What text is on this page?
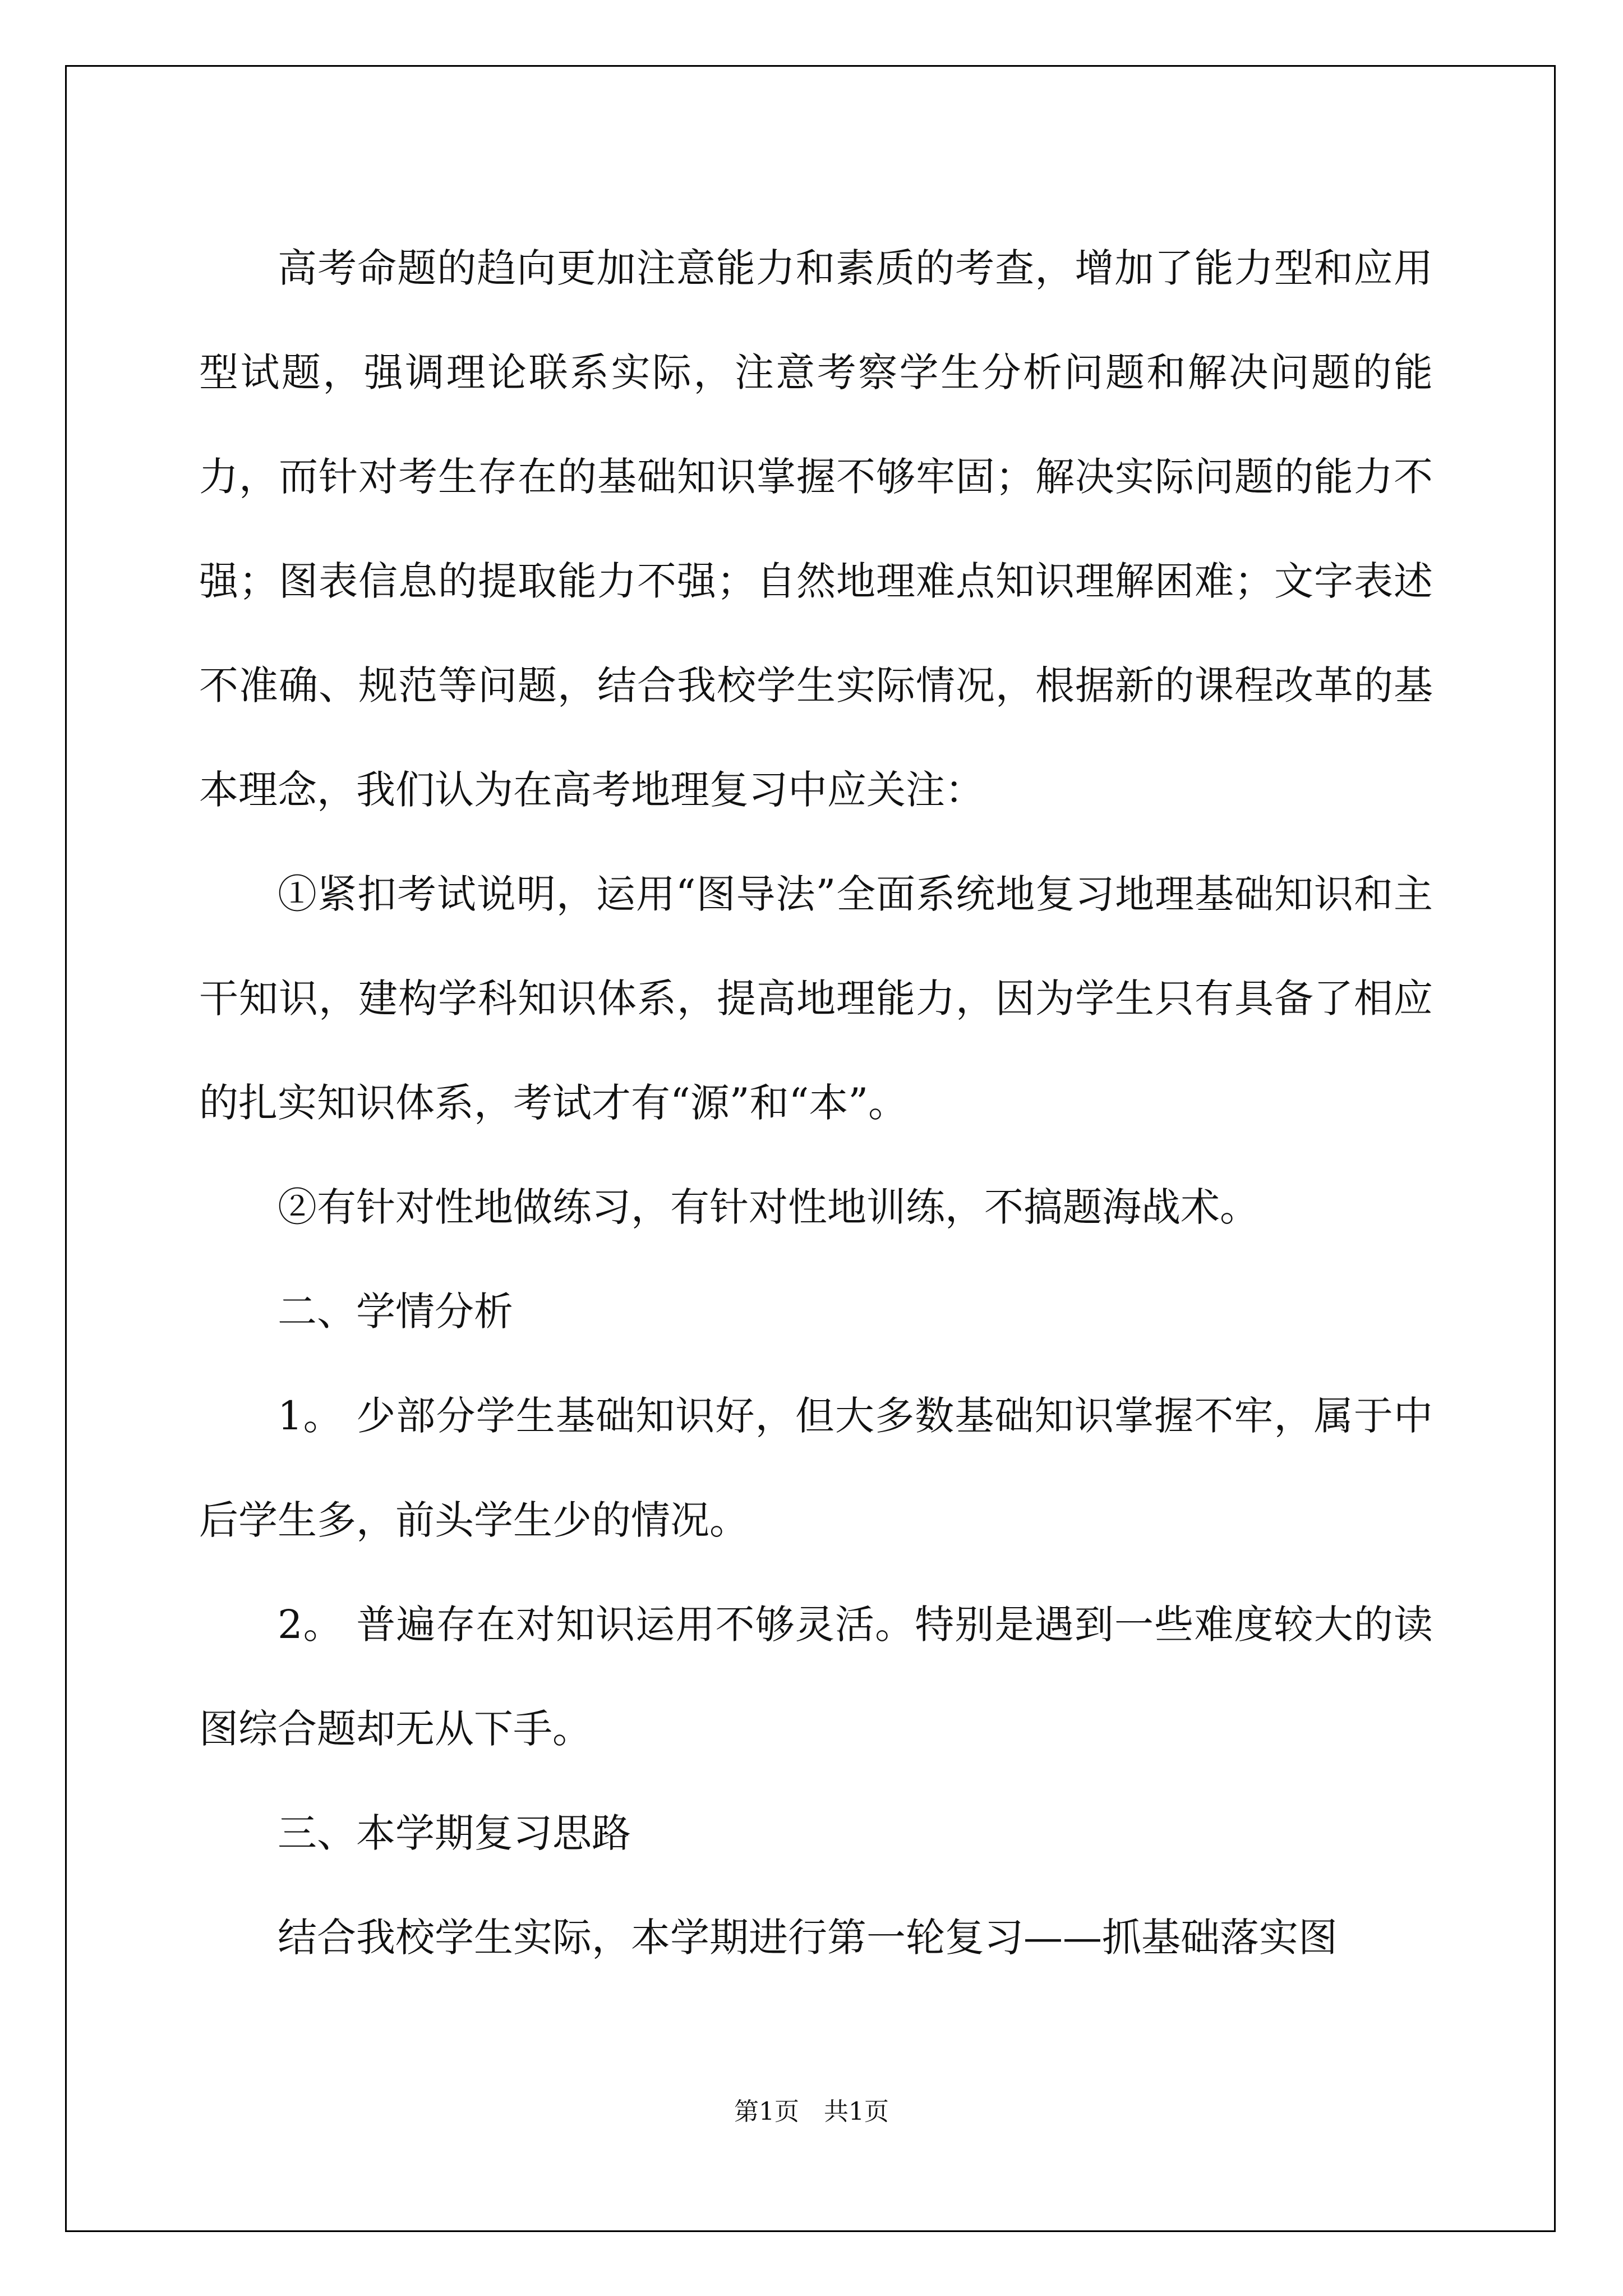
高考命题的趋向更加注意能力和素质的考查，增加了能力型和应用型试题，强调理论联系实际，注意考察学生分析问题和解决问题的能力，而针对考生存在的基础知识掌握不够牢固；解决实际问题的能力不强；图表信息的提取能力不强；自然地理难点知识理解困难；文字表述不准确、规范等问题，结合我校学生实际情况，根据新的课程改革的基本理念，我们认为在高考地理复习中应关注：

①紧扣考试说明，运用“图导法”全面系统地复习地理基础知识和主干知识，建构学科知识体系，提高地理能力，因为学生只有具备了相应的扎实知识体系，考试才有“源”和“本”。

②有针对性地做练习，有针对性地训练，不搞题海战术。

二、学情分析

1。 少部分学生基础知识好，但大多数基础知识掌握不牢，属于中后学生多，前头学生少的情况。

2。 普遍存在对知识运用不够灵活。特别是遇到一些难度较大的读图综合题却无从下手。

三、本学期复习思路

结合我校学生实际，本学期进行第一轮复习——抓基础落实图

第1页　共1页
